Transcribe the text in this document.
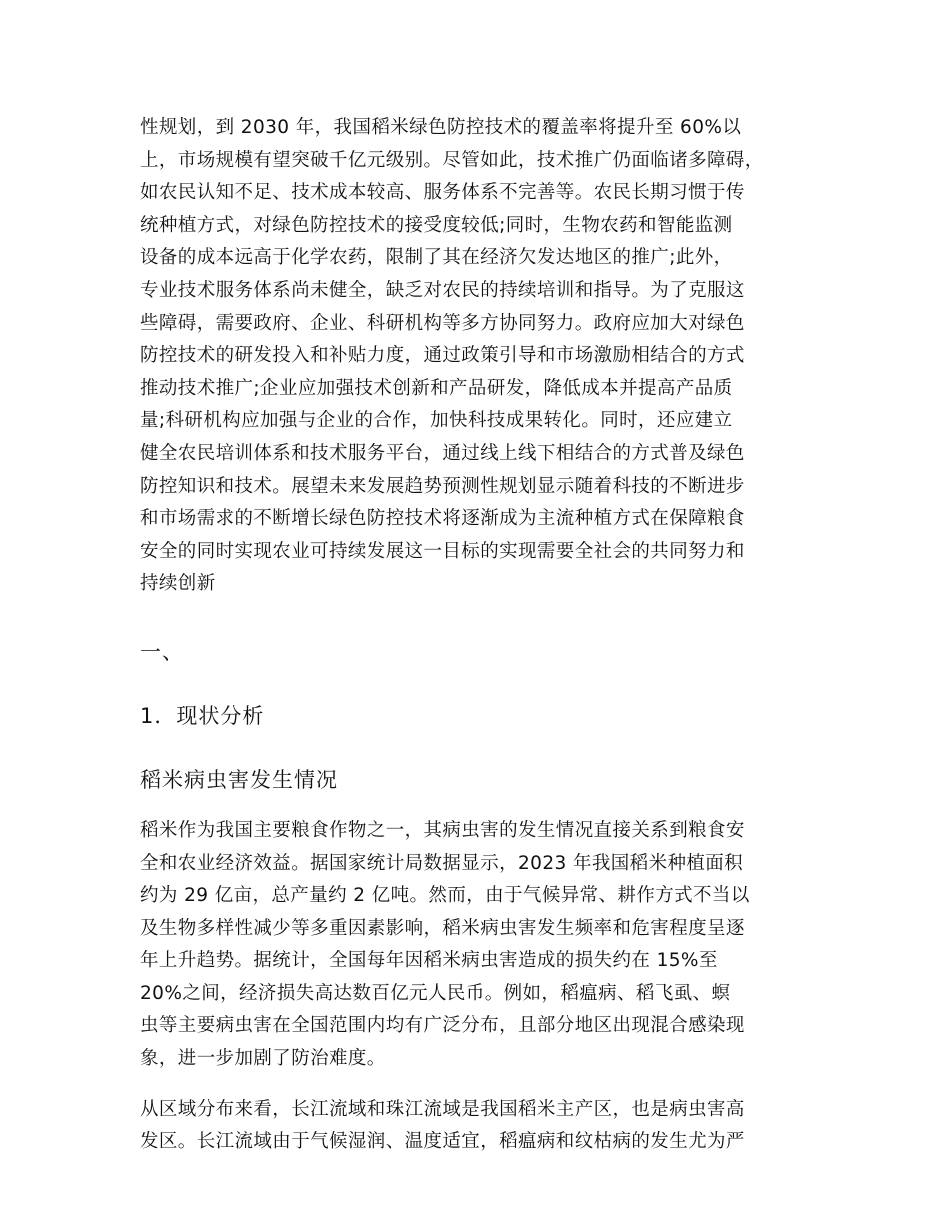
性规划，到 2030 年，我国稻米绿色防控技术的覆盖率将提升至 60%以
上，市场规模有望突破千亿元级别。尽管如此，技术推广仍面临诸多障碍，
如农民认知不足、技术成本较高、服务体系不完善等。农民长期习惯于传
统种植方式，对绿色防控技术的接受度较低;同时，生物农药和智能监测
设备的成本远高于化学农药，限制了其在经济欠发达地区的推广;此外，
专业技术服务体系尚未健全，缺乏对农民的持续培训和指导。为了克服这
些障碍，需要政府、企业、科研机构等多方协同努力。政府应加大对绿色
防控技术的研发投入和补贴力度，通过政策引导和市场激励相结合的方式
推动技术推广;企业应加强技术创新和产品研发，降低成本并提高产品质
量;科研机构应加强与企业的合作，加快科技成果转化。同时，还应建立
健全农民培训体系和技术服务平台，通过线上线下相结合的方式普及绿色
防控知识和技术。展望未来发展趋势预测性规划显示随着科技的不断进步
和市场需求的不断增长绿色防控技术将逐渐成为主流种植方式在保障粮食
安全的同时实现农业可持续发展这一目标的实现需要全社会的共同努力和
持续创新
一、
1．现状分析
稻米病虫害发生情况
稻米作为我国主要粮食作物之一，其病虫害的发生情况直接关系到粮食安
全和农业经济效益。据国家统计局数据显示，2023 年我国稻米种植面积
约为 29 亿亩，总产量约 2 亿吨。然而，由于气候异常、耕作方式不当以
及生物多样性减少等多重因素影响，稻米病虫害发生频率和危害程度呈逐
年上升趋势。据统计，全国每年因稻米病虫害造成的损失约在 15%至
20%之间，经济损失高达数百亿元人民币。例如，稻瘟病、稻飞虱、螟
虫等主要病虫害在全国范围内均有广泛分布，且部分地区出现混合感染现
象，进一步加剧了防治难度。
从区域分布来看，长江流域和珠江流域是我国稻米主产区，也是病虫害高
发区。长江流域由于气候湿润、温度适宜，稻瘟病和纹枯病的发生尤为严
